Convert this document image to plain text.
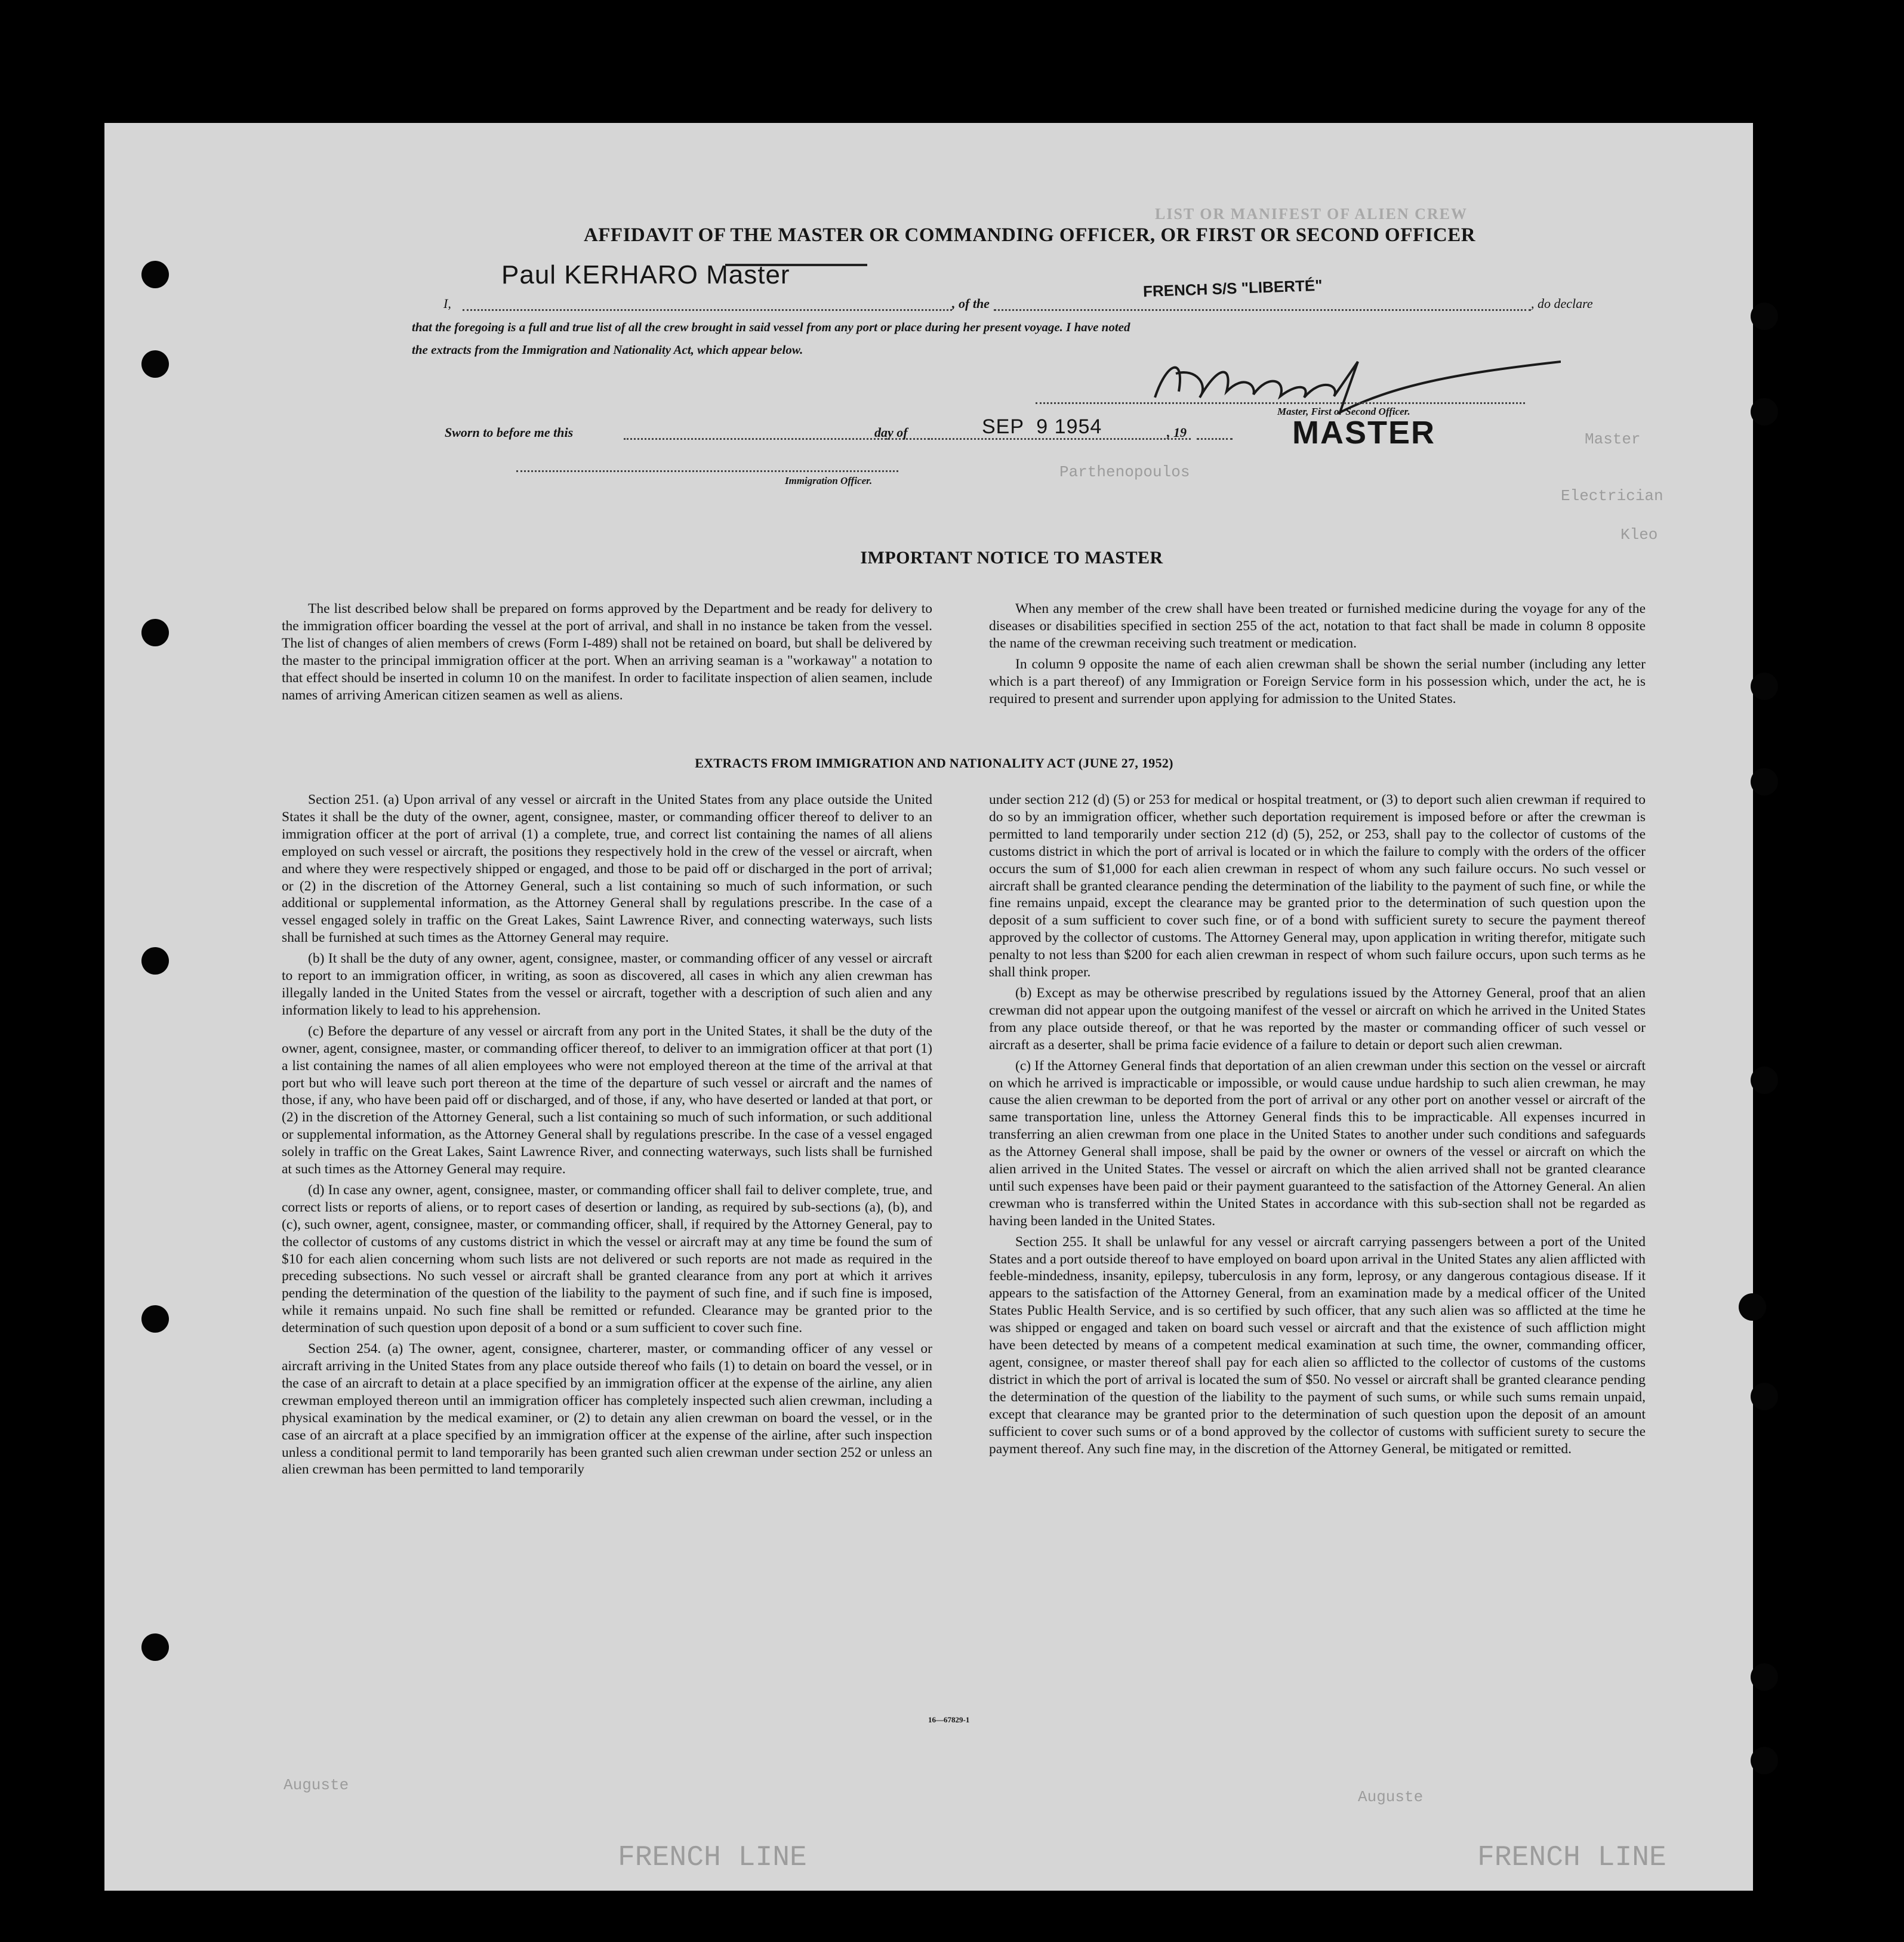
LIST OR MANIFEST OF ALIEN CREW
Master
Electrician
Kleo
Parthenopoulos
Auguste
Auguste
FRENCH LINE	FRENCH LINE
AFFIDAVIT OF THE MASTER OR COMMANDING OFFICER, OR FIRST OR SECOND OFFICER
Paul KERHARO Master
I,	, of the
FRENCH S/S "LIBERTÉ"
, do declare
that the foregoing is a full and true list of all the crew brought in said vessel from any port or place during her present voyage. I have noted
the extracts from the Immigration and Nationality Act, which appear below.
Master, First or Second Officer.
MASTER
Sworn to before me this	day of	SEP  9 1954	, 19
Immigration Officer.
IMPORTANT NOTICE TO MASTER

The list described below shall be prepared on forms approved by the Department and be ready for delivery to the immigration officer boarding the vessel at the port of arrival, and shall in no instance be taken from the vessel. The list of changes of alien members of crews (Form I-489) shall not be retained on board, but shall be delivered by the master to the principal immigration officer at the port. When an arriving seaman is a "workaway" a notation to that effect should be inserted in column 10 on the manifest. In order to facilitate inspection of alien seamen, include names of arriving American citizen seamen as well as aliens.

When any member of the crew shall have been treated or furnished medicine during the voyage for any of the diseases or disabilities specified in section 255 of the act, notation to that fact shall be made in column 8 opposite the name of the crewman receiving such treatment or medication.

In column 9 opposite the name of each alien crewman shall be shown the serial number (including any letter which is a part thereof) of any Immigration or Foreign Service form in his possession which, under the act, he is required to present and surrender upon applying for admission to the United States.

EXTRACTS FROM IMMIGRATION AND NATIONALITY ACT (JUNE 27, 1952)

Section 251. (a) Upon arrival of any vessel or aircraft in the United States from any place outside the United States it shall be the duty of the owner, agent, consignee, master, or commanding officer thereof to deliver to an immigration officer at the port of arrival (1) a complete, true, and correct list containing the names of all aliens employed on such vessel or aircraft, the positions they respectively hold in the crew of the vessel or aircraft, when and where they were respectively shipped or engaged, and those to be paid off or discharged in the port of arrival; or (2) in the discretion of the Attorney General, such a list containing so much of such information, or such additional or supplemental information, as the Attorney General shall by regulations prescribe. In the case of a vessel engaged solely in traffic on the Great Lakes, Saint Lawrence River, and connecting waterways, such lists shall be furnished at such times as the Attorney General may require.

(b) It shall be the duty of any owner, agent, consignee, master, or commanding officer of any vessel or aircraft to report to an immigration officer, in writing, as soon as discovered, all cases in which any alien crewman has illegally landed in the United States from the vessel or aircraft, together with a description of such alien and any information likely to lead to his apprehension.

(c) Before the departure of any vessel or aircraft from any port in the United States, it shall be the duty of the owner, agent, consignee, master, or commanding officer thereof, to deliver to an immigration officer at that port (1) a list containing the names of all alien employees who were not employed thereon at the time of the arrival at that port but who will leave such port thereon at the time of the departure of such vessel or aircraft and the names of those, if any, who have been paid off or discharged, and of those, if any, who have deserted or landed at that port, or (2) in the discretion of the Attorney General, such a list containing so much of such information, or such additional or supplemental information, as the Attorney General shall by regulations prescribe. In the case of a vessel engaged solely in traffic on the Great Lakes, Saint Lawrence River, and connecting waterways, such lists shall be furnished at such times as the Attorney General may require.

(d) In case any owner, agent, consignee, master, or commanding officer shall fail to deliver complete, true, and correct lists or reports of aliens, or to report cases of desertion or landing, as required by sub-sections (a), (b), and (c), such owner, agent, consignee, master, or commanding officer, shall, if required by the Attorney General, pay to the collector of customs of any customs district in which the vessel or aircraft may at any time be found the sum of $10 for each alien concerning whom such lists are not delivered or such reports are not made as required in the preceding subsections. No such vessel or aircraft shall be granted clearance from any port at which it arrives pending the determination of the question of the liability to the payment of such fine, and if such fine is imposed, while it remains unpaid. No such fine shall be remitted or refunded. Clearance may be granted prior to the determination of such question upon deposit of a bond or a sum sufficient to cover such fine.

Section 254. (a) The owner, agent, consignee, charterer, master, or commanding officer of any vessel or aircraft arriving in the United States from any place outside thereof who fails (1) to detain on board the vessel, or in the case of an aircraft to detain at a place specified by an immigration officer at the expense of the airline, any alien crewman employed thereon until an immigration officer has completely inspected such alien crewman, including a physical examination by the medical examiner, or (2) to detain any alien crewman on board the vessel, or in the case of an aircraft at a place specified by an immigration officer at the expense of the airline, after such inspection unless a conditional permit to land temporarily has been granted such alien crewman under section 252 or unless an alien crewman has been permitted to land temporarily

under section 212 (d) (5) or 253 for medical or hospital treatment, or (3) to deport such alien crewman if required to do so by an immigration officer, whether such deportation requirement is imposed before or after the crewman is permitted to land temporarily under section 212 (d) (5), 252, or 253, shall pay to the collector of customs of the customs district in which the port of arrival is located or in which the failure to comply with the orders of the officer occurs the sum of $1,000 for each alien crewman in respect of whom any such failure occurs. No such vessel or aircraft shall be granted clearance pending the determination of the liability to the payment of such fine, or while the fine remains unpaid, except the clearance may be granted prior to the determination of such question upon the deposit of a sum sufficient to cover such fine, or of a bond with sufficient surety to secure the payment thereof approved by the collector of customs. The Attorney General may, upon application in writing therefor, mitigate such penalty to not less than $200 for each alien crewman in respect of whom such failure occurs, upon such terms as he shall think proper.

(b) Except as may be otherwise prescribed by regulations issued by the Attorney General, proof that an alien crewman did not appear upon the outgoing manifest of the vessel or aircraft on which he arrived in the United States from any place outside thereof, or that he was reported by the master or commanding officer of such vessel or aircraft as a deserter, shall be prima facie evidence of a failure to detain or deport such alien crewman.

(c) If the Attorney General finds that deportation of an alien crewman under this section on the vessel or aircraft on which he arrived is impracticable or impossible, or would cause undue hardship to such alien crewman, he may cause the alien crewman to be deported from the port of arrival or any other port on another vessel or aircraft of the same transportation line, unless the Attorney General finds this to be impracticable. All expenses incurred in transferring an alien crewman from one place in the United States to another under such conditions and safeguards as the Attorney General shall impose, shall be paid by the owner or owners of the vessel or aircraft on which the alien arrived in the United States. The vessel or aircraft on which the alien arrived shall not be granted clearance until such expenses have been paid or their payment guaranteed to the satisfaction of the Attorney General. An alien crewman who is transferred within the United States in accordance with this sub-section shall not be regarded as having been landed in the United States.

Section 255. It shall be unlawful for any vessel or aircraft carrying passengers between a port of the United States and a port outside thereof to have employed on board upon arrival in the United States any alien afflicted with feeble-mindedness, insanity, epilepsy, tuberculosis in any form, leprosy, or any dangerous contagious disease. If it appears to the satisfaction of the Attorney General, from an examination made by a medical officer of the United States Public Health Service, and is so certified by such officer, that any such alien was so afflicted at the time he was shipped or engaged and taken on board such vessel or aircraft and that the existence of such affliction might have been detected by means of a competent medical examination at such time, the owner, commanding officer, agent, consignee, or master thereof shall pay for each alien so afflicted to the collector of customs of the customs district in which the port of arrival is located the sum of $50. No vessel or aircraft shall be granted clearance pending the determination of the question of the liability to the payment of such sums, or while such sums remain unpaid, except that clearance may be granted prior to the determination of such question upon the deposit of an amount sufficient to cover such sums or of a bond approved by the collector of customs with sufficient surety to secure the payment thereof. Any such fine may, in the discretion of the Attorney General, be mitigated or remitted.

16—67829-1
